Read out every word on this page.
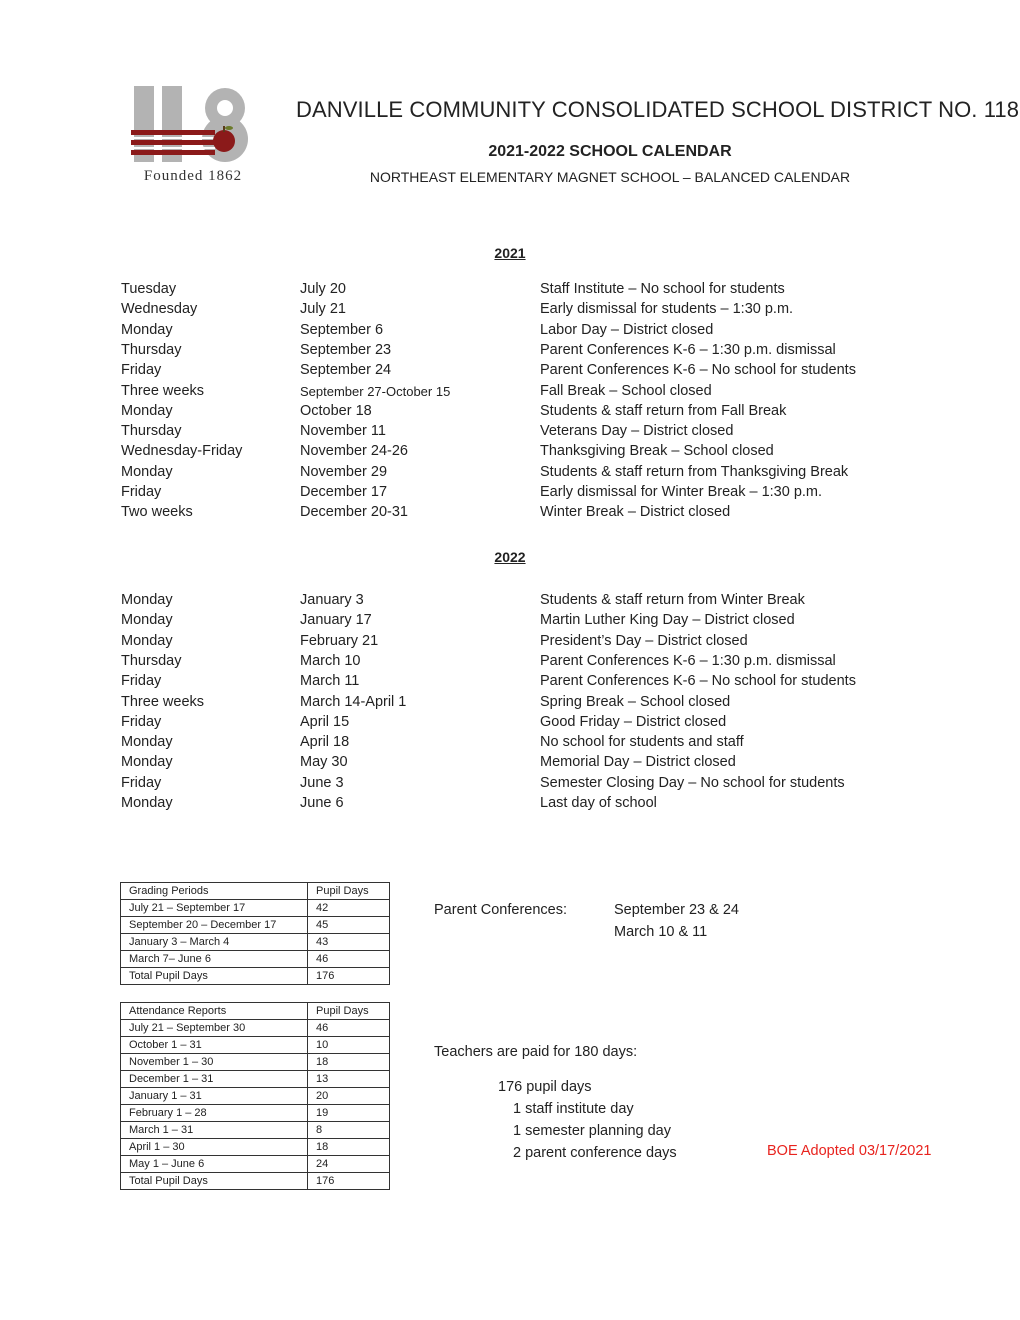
Founded 1862
DANVILLE COMMUNITY CONSOLIDATED SCHOOL DISTRICT NO. 118
2021-2022 SCHOOL CALENDAR
NORTHEAST ELEMENTARY MAGNET SCHOOL – BALANCED CALENDAR
2021
Tuesday	July 20	Staff Institute – No school for students
Wednesday	July 21	Early dismissal for students – 1:30 p.m.
Monday	September 6	Labor Day – District closed
Thursday	September 23	Parent Conferences K-6 – 1:30 p.m. dismissal
Friday	September 24	Parent Conferences K-6 – No school for students
Three weeks	September 27-October 15	Fall Break – School closed
Monday	October 18	Students & staff return from Fall Break
Thursday	November 11	Veterans Day – District closed
Wednesday-Friday	November 24-26	Thanksgiving Break – School closed
Monday	November 29	Students & staff return from Thanksgiving Break
Friday	December 17	Early dismissal for Winter Break – 1:30 p.m.
Two weeks	December 20-31	Winter Break – District closed
2022
Monday	January 3	Students & staff return from Winter Break
Monday	January 17	Martin Luther King Day – District closed
Monday	February 21	President’s Day – District closed
Thursday	March 10	Parent Conferences K-6 – 1:30 p.m. dismissal
Friday	March 11	Parent Conferences K-6 – No school for students
Three weeks	March 14-April 1	Spring Break – School closed
Friday	April 15	Good Friday – District closed
Monday	April 18	No school for students and staff
Monday	May 30	Memorial Day – District closed
Friday	June 3	Semester Closing Day – No school for students
Monday	June 6	Last day of school
Grading Periods	Pupil Days
July 21 – September 17	42
September 20 – December 17	45
January 3 – March 4	43
March 7– June 6	46
Total Pupil Days	176
Attendance Reports	Pupil Days
July 21 – September 30	46
October 1 – 31	10
November 1 – 30	18
December 1 – 31	13
January 1 – 31	20
February 1 – 28	19
March 1 – 31	8
April 1 – 30	18
May 1 – June 6	24
Total Pupil Days	176
Parent Conferences:	September 23 & 24
March 10 & 11
Teachers are paid for 180 days:
176 pupil days
1 staff institute day
1 semester planning day
2 parent conference days	BOE Adopted 03/17/2021
